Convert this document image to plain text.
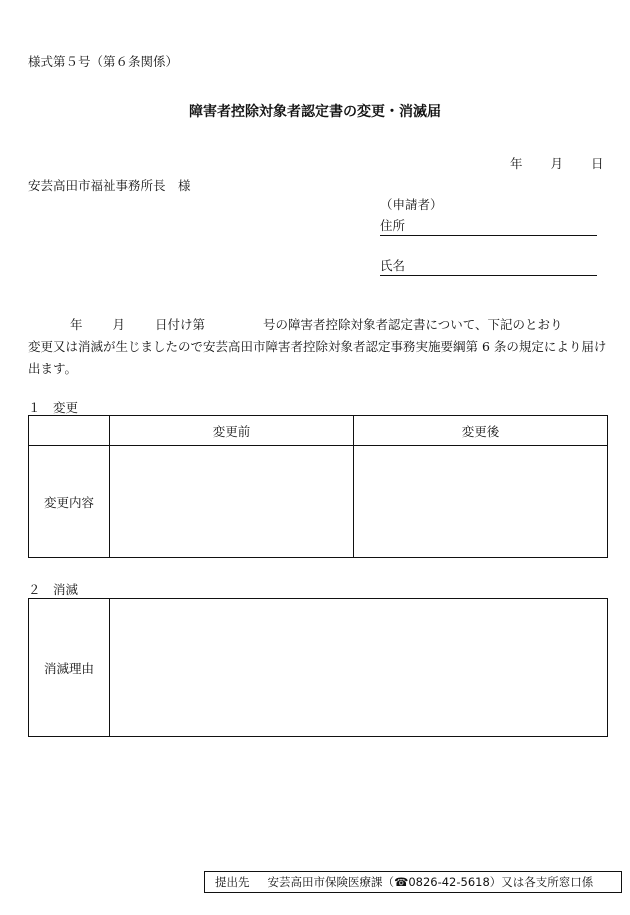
様式第５号（第６条関係）
障害者控除対象者認定書の変更・消滅届
年 月 日
安芸高田市福祉事務所長　様
（申請者）
住所
氏名
年 月 日付け第	号の障害者控除対象者認定書について、下記のとおり
変更又は消滅が生じましたので安芸高田市障害者控除対象者認定事務実施要綱第 6 条の規定により届け出ます。
１　変更
	変更前	変更後
変更内容		
２　消滅
消滅理由	
提出先 安芸高田市保険医療課（☎0826-42-5618）又は各支所窓口係
